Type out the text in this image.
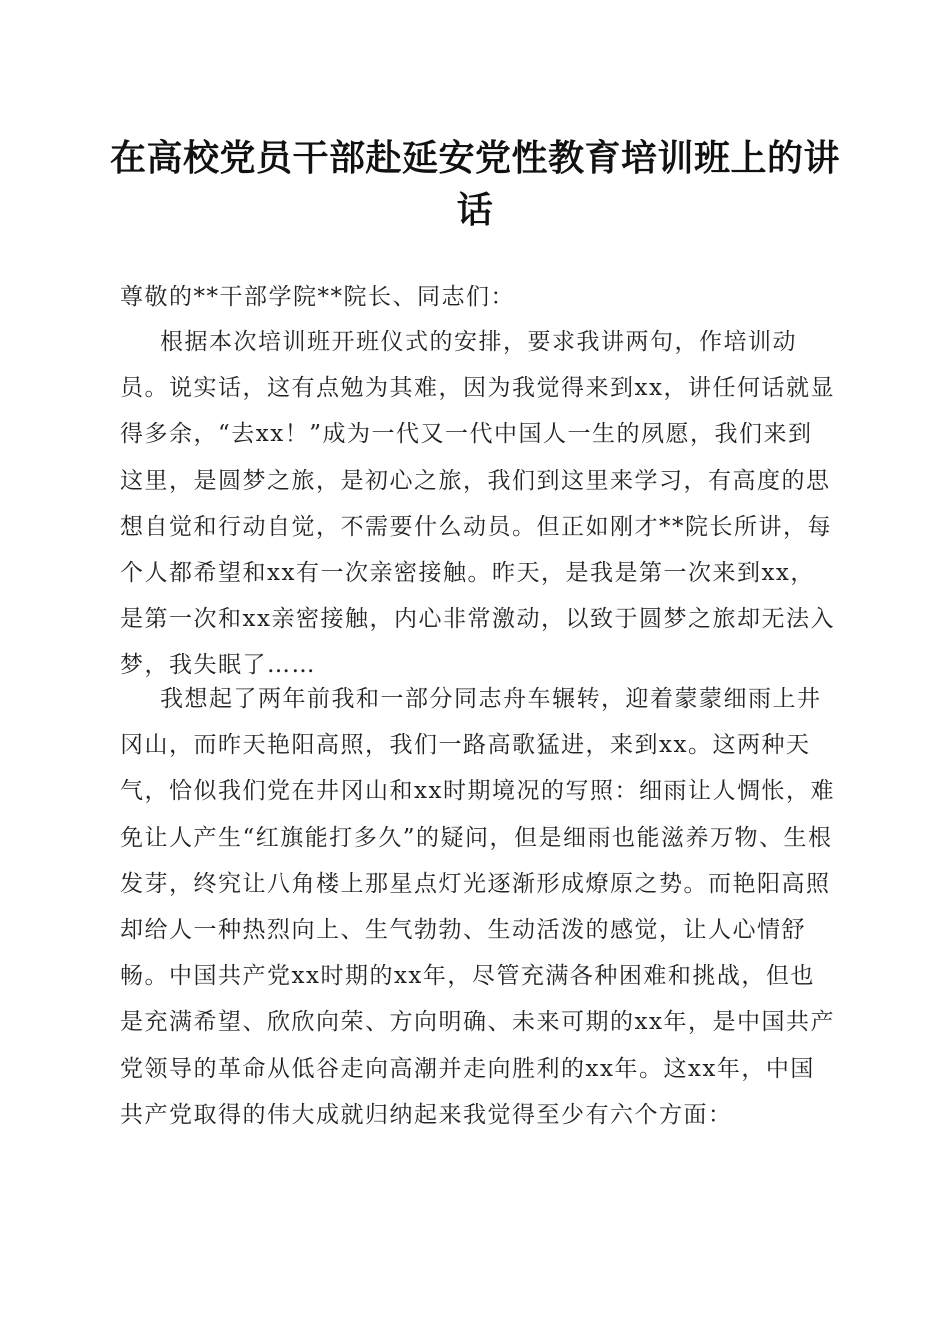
在高校党员干部赴延安党性教育培训班上的讲话
尊敬的**干部学院**院长、同志们：

根据本次培训班开班仪式的安排，要求我讲两句，作培训动员。说实话，这有点勉为其难，因为我觉得来到xx，讲任何话就显得多余，“去xx！”成为一代又一代中国人一生的夙愿，我们来到这里，是圆梦之旅，是初心之旅，我们到这里来学习，有高度的思想自觉和行动自觉，不需要什么动员。但正如刚才**院长所讲，每个人都希望和xx有一次亲密接触。昨天，是我是第一次来到xx，是第一次和xx亲密接触，内心非常激动，以致于圆梦之旅却无法入梦，我失眠了……

我想起了两年前我和一部分同志舟车辗转，迎着蒙蒙细雨上井冈山，而昨天艳阳高照，我们一路高歌猛进，来到xx。这两种天气，恰似我们党在井冈山和xx时期境况的写照：细雨让人惆怅，难免让人产生“红旗能打多久”的疑问，但是细雨也能滋养万物、生根发芽，终究让八角楼上那星点灯光逐渐形成燎原之势。而艳阳高照却给人一种热烈向上、生气勃勃、生动活泼的感觉，让人心情舒畅。中国共产党xx时期的xx年，尽管充满各种困难和挑战，但也是充满希望、欣欣向荣、方向明确、未来可期的xx年，是中国共产党领导的革命从低谷走向高潮并走向胜利的xx年。这xx年，中国共产党取得的伟大成就归纳起来我觉得至少有六个方面：
